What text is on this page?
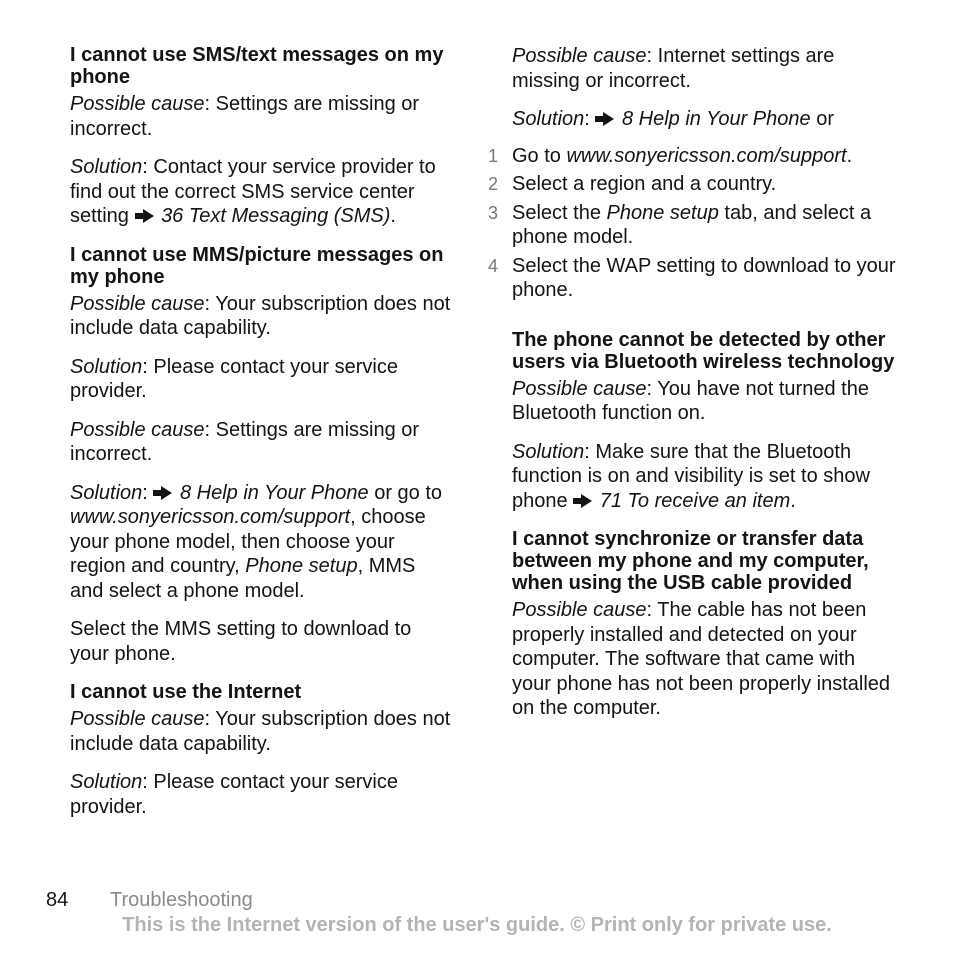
I cannot use SMS/text messages on my phone

Possible cause: Settings are missing or incorrect.

Solution: Contact your service provider to find out the correct SMS service center setting 36 Text Messaging (SMS).

I cannot use MMS/picture messages on my phone

Possible cause: Your subscription does not include data capability.

Solution: Please contact your service provider.

Possible cause: Settings are missing or incorrect.

Solution: 8 Help in Your Phone or go to www.sonyericsson.com/support, choose your phone model, then choose your region and country, Phone setup, MMS and select a phone model.

Select the MMS setting to download to your phone.

I cannot use the Internet

Possible cause: Your subscription does not include data capability.

Solution: Please contact your service provider.

Possible cause: Internet settings are missing or incorrect.

Solution: 8 Help in Your Phone or

1 Go to www.sonyericsson.com/support.
2 Select a region and a country.
3 Select the Phone setup tab, and select a phone model.
4 Select the WAP setting to download to your phone.
The phone cannot be detected by other users via Bluetooth wireless technology

Possible cause: You have not turned the Bluetooth function on.

Solution: Make sure that the Bluetooth function is on and visibility is set to show phone 71 To receive an item.

I cannot synchronize or transfer data between my phone and my computer, when using the USB cable provided

Possible cause: The cable has not been properly installed and detected on your computer. The software that came with your phone has not been properly installed on the computer.

84 Troubleshooting
This is the Internet version of the user's guide. © Print only for private use.
